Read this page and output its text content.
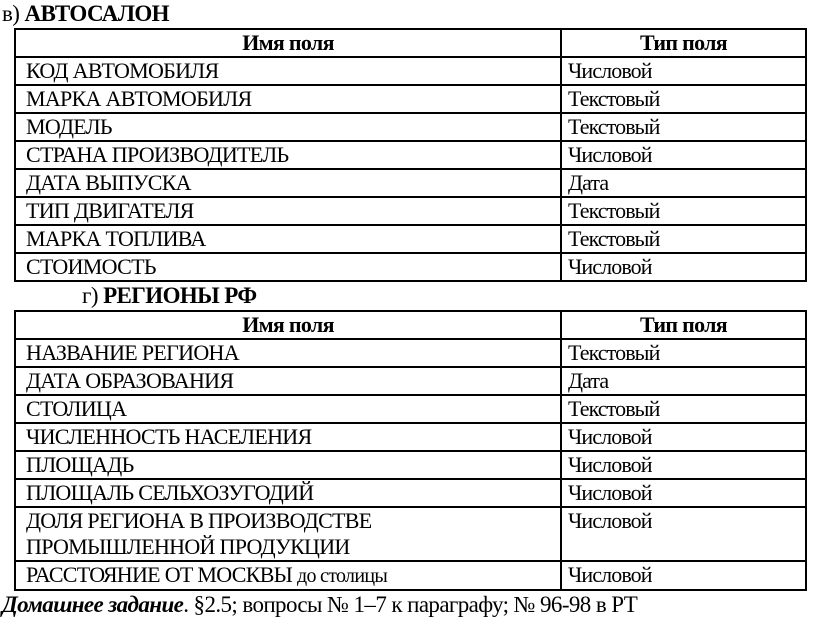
в) АВТОСАЛОН
Имя поля	Тип поля
КОД АВТОМОБИЛЯ	Числовой
МАРКА АВТОМОБИЛЯ	Текстовый
МОДЕЛЬ	Текстовый
СТРАНА ПРОИЗВОДИТЕЛЬ	Числовой
ДАТА ВЫПУСКА	Дата
ТИП ДВИГАТЕЛЯ	Текстовый
МАРКА ТОПЛИВА	Текстовый
СТОИМОСТЬ	Числовой
г) РЕГИОНЫ РФ
Имя поля	Тип поля
НАЗВАНИЕ РЕГИОНА	Текстовый
ДАТА ОБРАЗОВАНИЯ	Дата
СТОЛИЦА	Текстовый
ЧИСЛЕННОСТЬ НАСЕЛЕНИЯ	Числовой
ПЛОЩАДЬ	Числовой
ПЛОЩАЛЬ СЕЛЬХОЗУГОДИЙ	Числовой
ДОЛЯ РЕГИОНА В ПРОИЗВОДСТВЕ
ПРОМЫШЛЕННОЙ ПРОДУКЦИИ	Числовой
РАССТОЯНИЕ ОТ МОСКВЫ до столицы	Числовой
Домашнее задание. §2.5; вопросы № 1–7 к параграфу; № 96-98 в РТ
